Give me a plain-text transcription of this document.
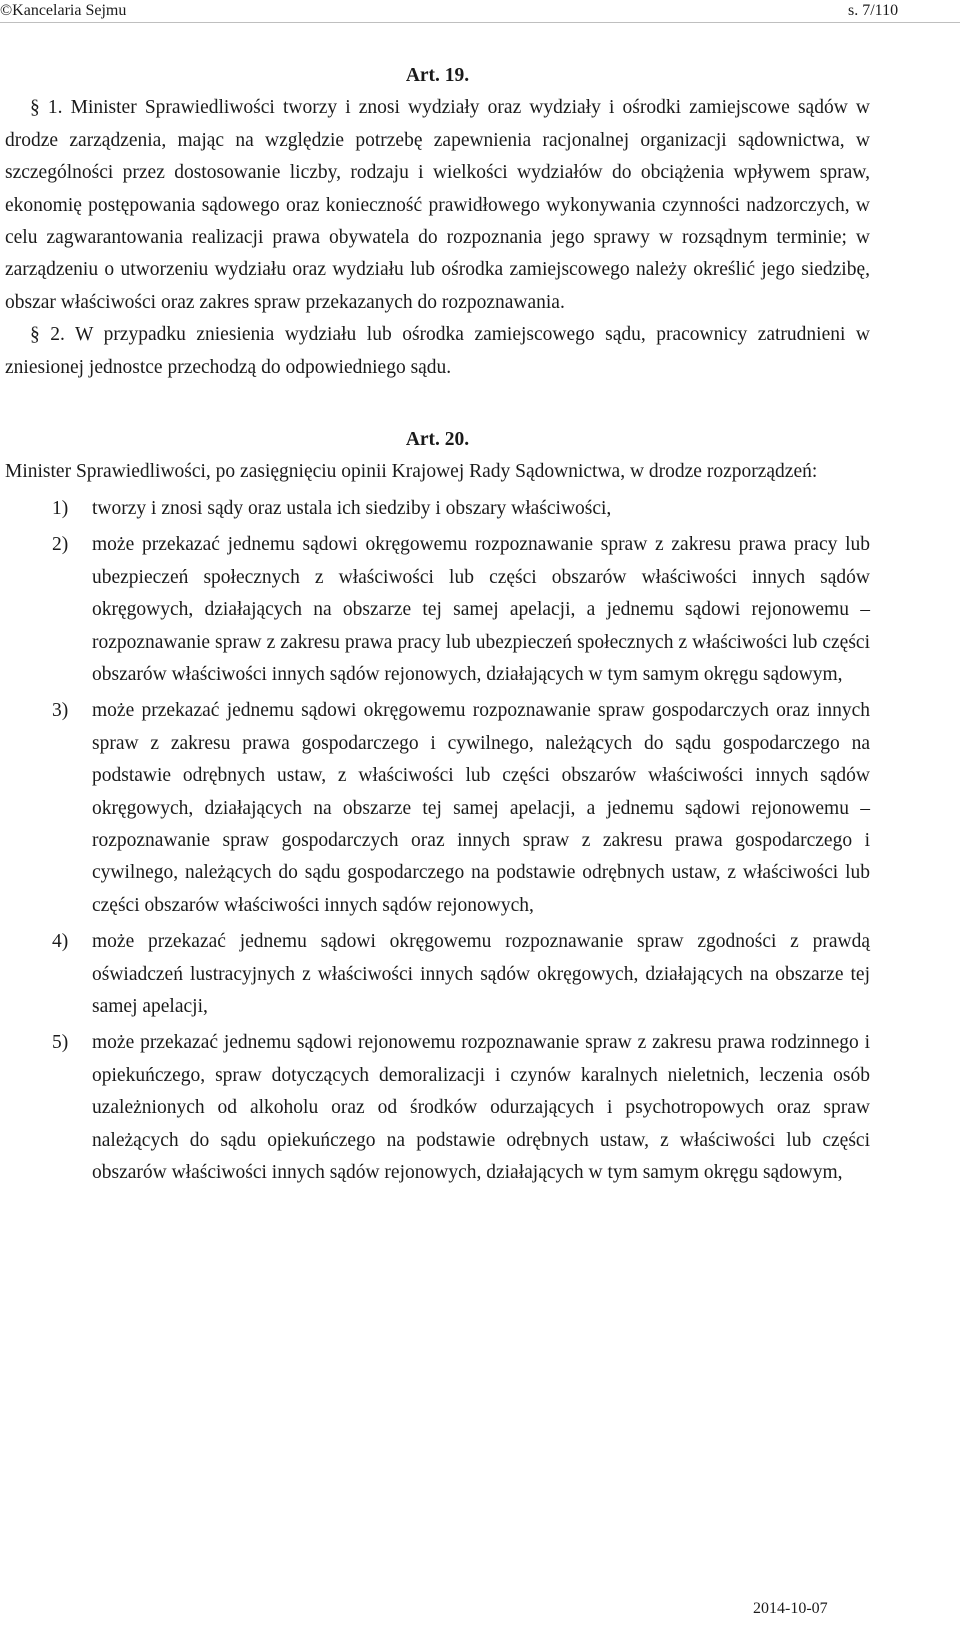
©Kancelaria Sejmu	s. 7/110

Art. 19.

§ 1. Minister Sprawiedliwości tworzy i znosi wydziały oraz wydziały i ośrodki zamiejscowe sądów w drodze zarządzenia, mając na względzie potrzebę zapewnienia racjonalnej organizacji sądownictwa, w szczególności przez dostosowanie liczby, rodzaju i wielkości wydziałów do obciążenia wpływem spraw, ekonomię postępowania sądowego oraz konieczność prawidłowego wykonywania czynności nadzorczych, w celu zagwarantowania realizacji prawa obywatela do rozpoznania jego sprawy w rozsądnym terminie; w zarządzeniu o utworzeniu wydziału oraz wydziału lub ośrodka zamiejscowego należy określić jego siedzibę, obszar właściwości oraz zakres spraw przekazanych do rozpoznawania.

§ 2. W przypadku zniesienia wydziału lub ośrodka zamiejscowego sądu, pracownicy zatrudnieni w zniesionej jednostce przechodzą do odpowiedniego sądu.

Art. 20.

Minister Sprawiedliwości, po zasięgnięciu opinii Krajowej Rady Sądownictwa, w drodze rozporządzeń:

1) tworzy i znosi sądy oraz ustala ich siedziby i obszary właściwości,
2) może przekazać jednemu sądowi okręgowemu rozpoznawanie spraw z zakresu prawa pracy lub ubezpieczeń społecznych z właściwości lub części obszarów właściwości innych sądów okręgowych, działających na obszarze tej samej apelacji, a jednemu sądowi rejonowemu – rozpoznawanie spraw z zakresu prawa pracy lub ubezpieczeń społecznych z właściwości lub części obszarów właściwości innych sądów rejonowych, działających w tym samym okręgu sądowym,
3) może przekazać jednemu sądowi okręgowemu rozpoznawanie spraw gospodarczych oraz innych spraw z zakresu prawa gospodarczego i cywilnego, należących do sądu gospodarczego na podstawie odrębnych ustaw, z właściwości lub części obszarów właściwości innych sądów okręgowych, działających na obszarze tej samej apelacji, a jednemu sądowi rejonowemu – rozpoznawanie spraw gospodarczych oraz innych spraw z zakresu prawa gospodarczego i cywilnego, należących do sądu gospodarczego na podstawie odrębnych ustaw, z właściwości lub części obszarów właściwości innych sądów rejonowych,
4) może przekazać jednemu sądowi okręgowemu rozpoznawanie spraw zgodności z prawdą oświadczeń lustracyjnych z właściwości innych sądów okręgowych, działających na obszarze tej samej apelacji,
5) może przekazać jednemu sądowi rejonowemu rozpoznawanie spraw z zakresu prawa rodzinnego i opiekuńczego, spraw dotyczących demoralizacji i czynów karalnych nieletnich, leczenia osób uzależnionych od alkoholu oraz od środków odurzających i psychotropowych oraz spraw należących do sądu opiekuńczego na podstawie odrębnych ustaw, z właściwości lub części obszarów właściwości innych sądów rejonowych, działających w tym samym okręgu sądowym,
2014-10-07
